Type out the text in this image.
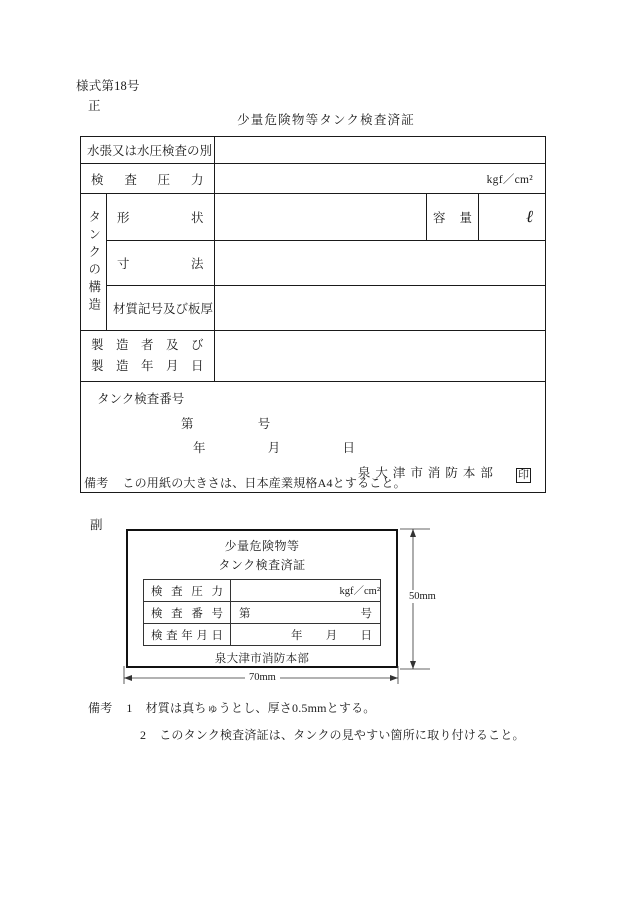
様式第18号
正
少量危険物等タンク検査済証
水張又は水圧検査の別				

検査圧力		kgf／cm²		

タンクの構造	形状		容量	ℓ

	寸法			

	材質記号及び板厚			

製造者及び
製造年月日				

タンク検査番号
第 号
年 月 日
泉大津市消防本部 印				
備考 この用紙の大きさは、日本産業規格A4とすること。
副
少量危険物等
タンク検査済証
検査圧力	kgf／cm²

検査番号	第 号

検査年月日	年 月 日
泉大津市消防本部
50mm
70mm
備考 1 材質は真ちゅうとし、厚さ0.5mmとする。
2 このタンク検査済証は、タンクの見やすい箇所に取り付けること。
